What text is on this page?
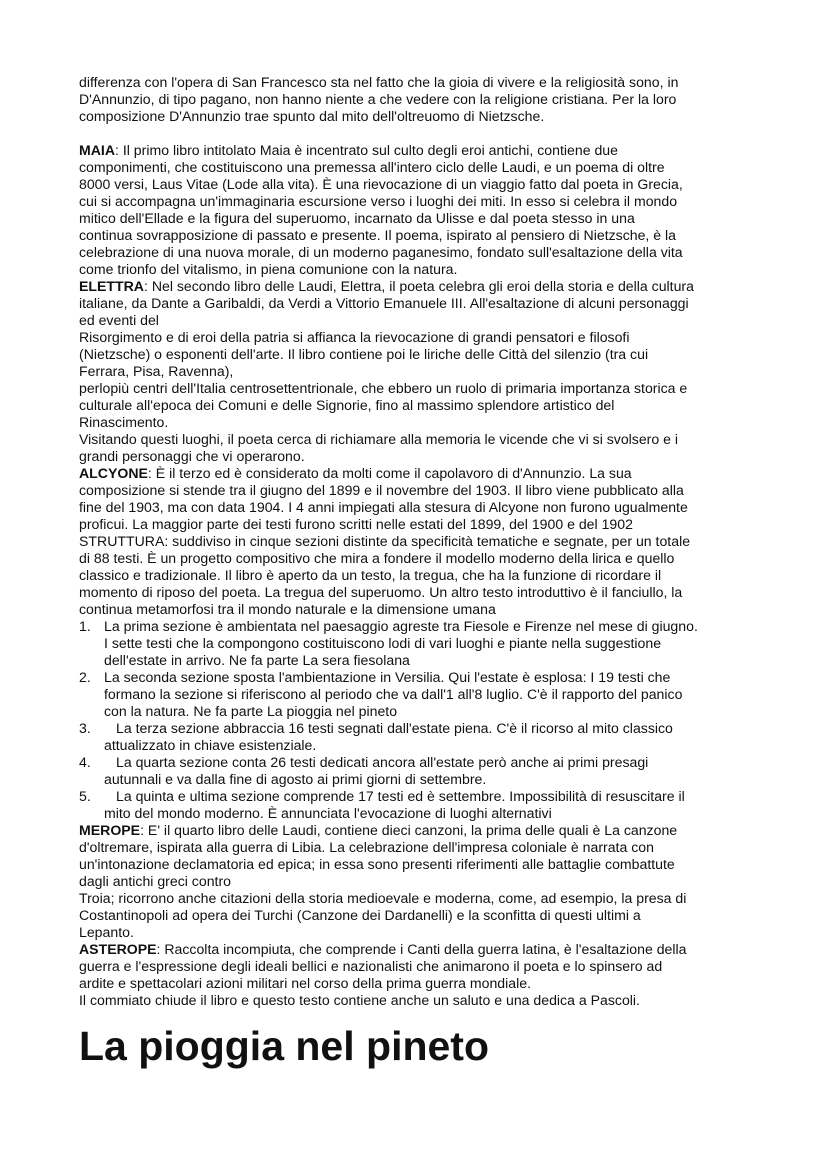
differenza con l'opera di San Francesco sta nel fatto che la gioia di vivere e la religiosità sono, in

D'Annunzio, di tipo pagano, non hanno niente a che vedere con la religione cristiana. Per la loro

composizione D'Annunzio trae spunto dal mito dell'oltreuomo di Nietzsche.

MAIA: Il primo libro intitolato Maia è incentrato sul culto degli eroi antichi, contiene due

componimenti, che costituiscono una premessa all'intero ciclo delle Laudi, e un poema di oltre

8000 versi, Laus Vitae (Lode alla vita). È una rievocazione di un viaggio fatto dal poeta in Grecia,

cui si accompagna un'immaginaria escursione verso i luoghi dei miti. In esso si celebra il mondo

mitico dell'Ellade e la figura del superuomo, incarnato da Ulisse e dal poeta stesso in una

continua sovrapposizione di passato e presente. Il poema, ispirato al pensiero di Nietzsche, è la

celebrazione di una nuova morale, di un moderno paganesimo, fondato sull'esaltazione della vita

come trionfo del vitalismo, in piena comunione con la natura.

ELETTRA: Nel secondo libro delle Laudi, Elettra, il poeta celebra gli eroi della storia e della cultura

italiane, da Dante a Garibaldi, da Verdi a Vittorio Emanuele III. All'esaltazione di alcuni personaggi

ed eventi del

Risorgimento e di eroi della patria si affianca la rievocazione di grandi pensatori e filosofi

(Nietzsche) o esponenti dell'arte. Il libro contiene poi le liriche delle Città del silenzio (tra cui

Ferrara, Pisa, Ravenna),

perlopiù centri dell'Italia centrosettentrionale, che ebbero un ruolo di primaria importanza storica e

culturale all'epoca dei Comuni e delle Signorie, fino al massimo splendore artistico del

Rinascimento.

Visitando questi luoghi, il poeta cerca di richiamare alla memoria le vicende che vi si svolsero e i

grandi personaggi che vi operarono.

ALCYONE: È il terzo ed è considerato da molti come il capolavoro di d'Annunzio. La sua

composizione si stende tra il giugno del 1899 e il novembre del 1903. Il libro viene pubblicato alla

fine del 1903, ma con data 1904. I 4 anni impiegati alla stesura di Alcyone non furono ugualmente

proficui. La maggior parte dei testi furono scritti nelle estati del 1899, del 1900 e del 1902

STRUTTURA: suddiviso in cinque sezioni distinte da specificità tematiche e segnate, per un totale

di 88 testi. È un progetto compositivo che mira a fondere il modello moderno della lirica e quello

classico e tradizionale. Il libro è aperto da un testo, la tregua, che ha la funzione di ricordare il

momento di riposo del poeta. La tregua del superuomo. Un altro testo introduttivo è il fanciullo, la

continua metamorfosi tra il mondo naturale e la dimensione umana

1. La prima sezione è ambientata nel paesaggio agreste tra Fiesole e Firenze nel mese di giugno.

I sette testi che la compongono costituiscono lodi di vari luoghi e piante nella suggestione

dell'estate in arrivo. Ne fa parte La sera fiesolana

2. La seconda sezione sposta l'ambientazione in Versilia. Qui l'estate è esplosa: I 19 testi che

formano la sezione si riferiscono al periodo che va dall'1 all'8 luglio. C'è il rapporto del panico

con la natura. Ne fa parte La pioggia nel pineto

3.	La terza sezione abbraccia 16 testi segnati dall'estate piena. C'è il ricorso al mito classico

attualizzato in chiave esistenziale.

4.	La quarta sezione conta 26 testi dedicati ancora all'estate però anche ai primi presagi

autunnali e va dalla fine di agosto ai primi giorni di settembre.

5.	La quinta e ultima sezione comprende 17 testi ed è settembre. Impossibilità di resuscitare il

mito del mondo moderno. È annunciata l'evocazione di luoghi alternativi

MEROPE: E' il quarto libro delle Laudi, contiene dieci canzoni, la prima delle quali è La canzone

d'oltremare, ispirata alla guerra di Libia. La celebrazione dell'impresa coloniale è narrata con

un'intonazione declamatoria ed epica; in essa sono presenti riferimenti alle battaglie combattute

dagli antichi greci contro

Troia; ricorrono anche citazioni della storia medioevale e moderna, come, ad esempio, la presa di

Costantinopoli ad opera dei Turchi (Canzone dei Dardanelli) e la sconfitta di questi ultimi a

Lepanto.

ASTEROPE: Raccolta incompiuta, che comprende i Canti della guerra latina, è l'esaltazione della

guerra e l'espressione degli ideali bellici e nazionalisti che animarono il poeta e lo spinsero ad

ardite e spettacolari azioni militari nel corso della prima guerra mondiale.

Il commiato chiude il libro e questo testo contiene anche un saluto e una dedica a Pascoli.

La pioggia nel pineto
